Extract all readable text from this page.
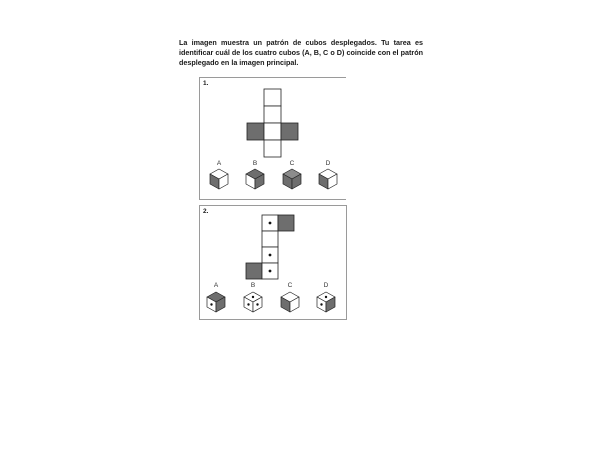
La imagen muestra un patrón de cubos desplegados. Tu tarea es identificar cuál de los cuatro cubos (A, B, C o D) coincide con el patrón desplegado en la imagen principal.

1.
A	B	C	D
2.
A	B	C	D
